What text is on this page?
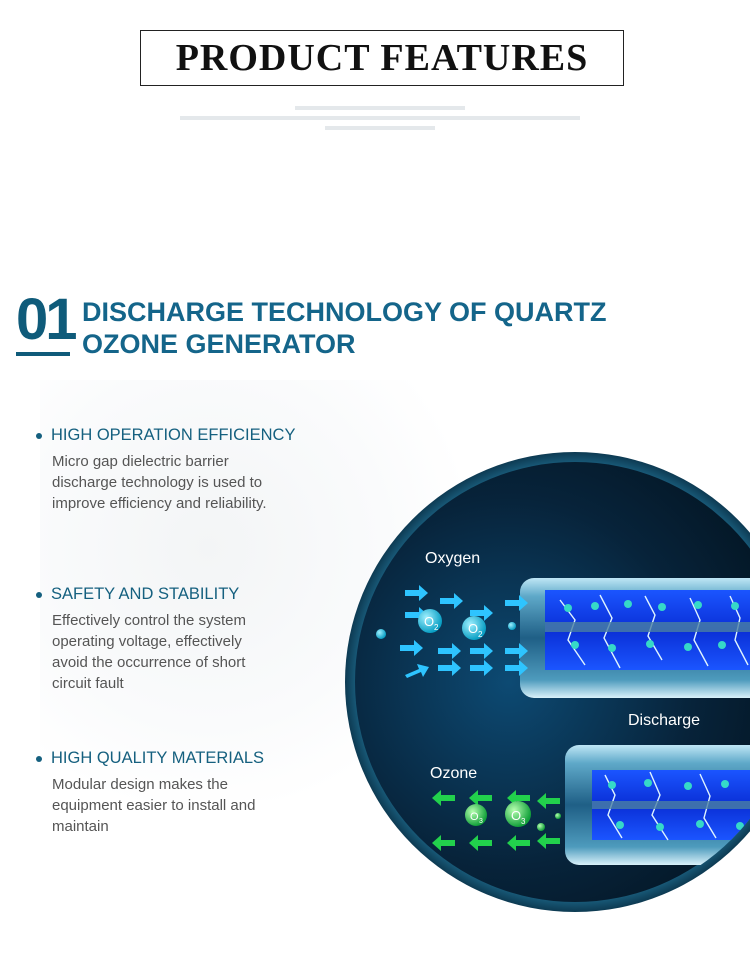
PRODUCT FEATURES
01 DISCHARGE TECHNOLOGY OF QUARTZ
OZONE GENERATOR
HIGH OPERATION EFFICIENCY
Micro gap dielectric barrier
discharge technology is used to
improve efficiency and reliability.
SAFETY AND STABILITY
Effectively control the system
operating voltage, effectively
avoid the occurrence of short
circuit fault
HIGH QUALITY MATERIALS
Modular design makes the
equipment easier to install and
maintain
O 2 O 2
O 3 O 3
Oxygen
Discharge
Ozone
